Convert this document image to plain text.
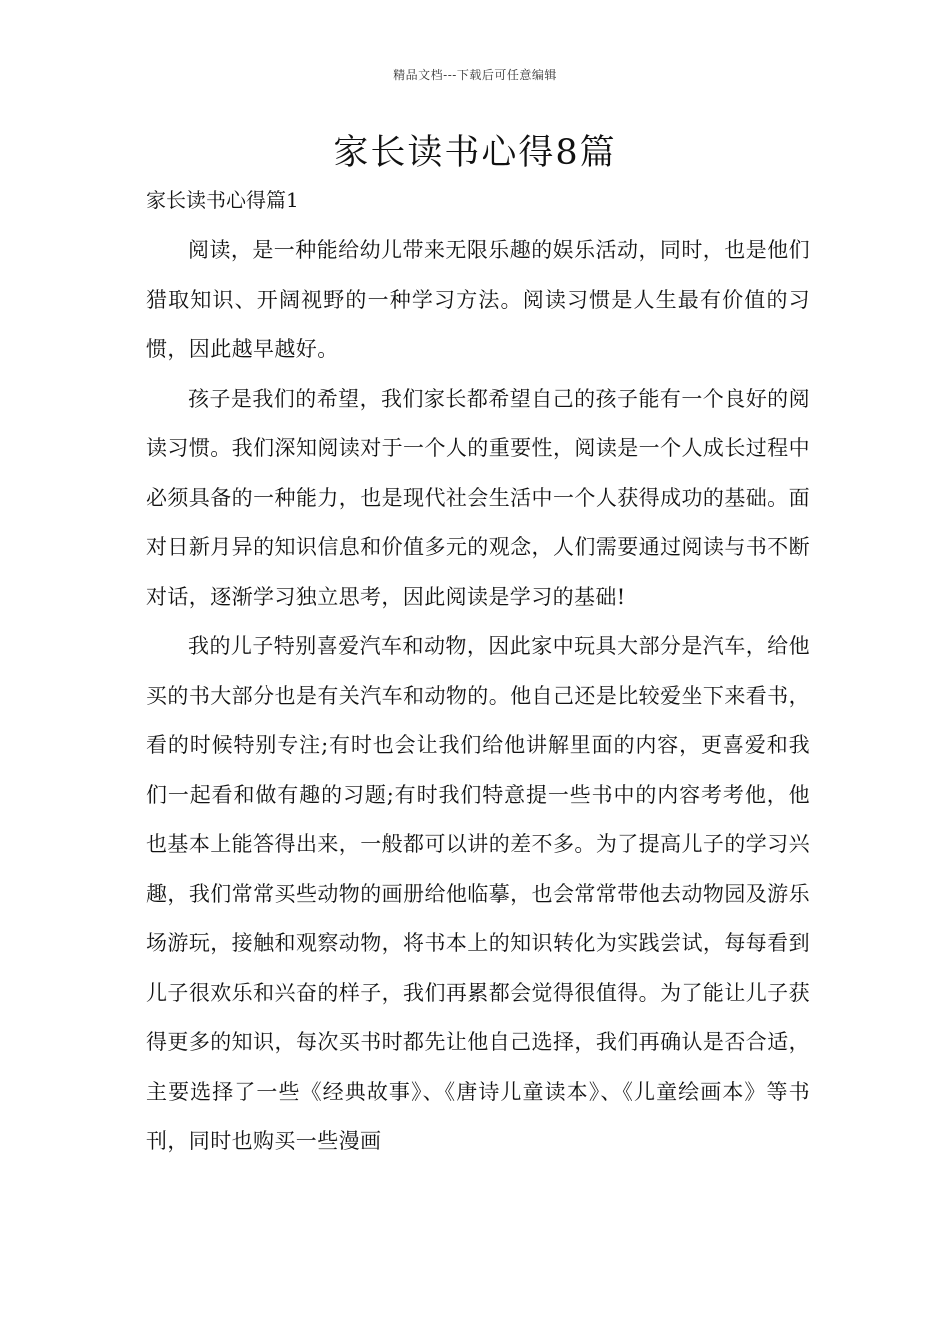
精品文档---下载后可任意编辑
家长读书心得8篇
家长读书心得篇1

阅读，是一种能给幼儿带来无限乐趣的娱乐活动，同时，也是他们猎取知识、开阔视野的一种学习方法。阅读习惯是人生最有价值的习惯，因此越早越好。

孩子是我们的希望，我们家长都希望自己的孩子能有一个良好的阅读习惯。我们深知阅读对于一个人的重要性，阅读是一个人成长过程中必须具备的一种能力，也是现代社会生活中一个人获得成功的基础。面对日新月异的知识信息和价值多元的观念，人们需要通过阅读与书不断对话，逐渐学习独立思考，因此阅读是学习的基础!

我的儿子特别喜爱汽车和动物，因此家中玩具大部分是汽车，给他买的书大部分也是有关汽车和动物的。他自己还是比较爱坐下来看书，看的时候特别专注;有时也会让我们给他讲解里面的内容，更喜爱和我们一起看和做有趣的习题;有时我们特意提一些书中的内容考考他，他也基本上能答得出来，一般都可以讲的差不多。为了提高儿子的学习兴趣，我们常常买些动物的画册给他临摹，也会常常带他去动物园及游乐场游玩，接触和观察动物，将书本上的知识转化为实践尝试，每每看到儿子很欢乐和兴奋的样子，我们再累都会觉得很值得。为了能让儿子获得更多的知识，每次买书时都先让他自己选择，我们再确认是否合适，主要选择了一些《经典故事》、《唐诗儿童读本》、《儿童绘画本》等书刊，同时也购买一些漫画
